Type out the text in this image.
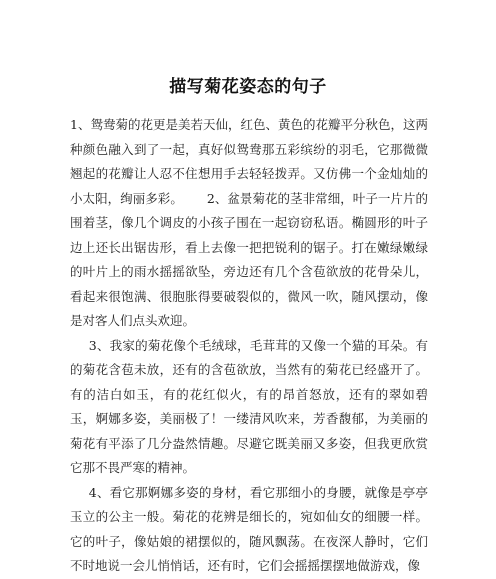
描写菊花姿态的句子

1、鸳鸯菊的花更是美若天仙，红色、黄色的花瓣平分秋色，这两种颜色融入到了一起，真好似鸳鸯那五彩缤纷的羽毛，它那微微翘起的花瓣让人忍不住想用手去轻轻拨弄。又仿佛一个金灿灿的小太阳，绚丽多彩。 2、盆景菊花的茎非常细，叶子一片片的围着茎，像几个调皮的小孩子围在一起窃窃私语。椭圆形的叶子边上还长出锯齿形，看上去像一把把锐利的锯子。打在嫩绿嫩绿的叶片上的雨水摇摇欲坠，旁边还有几个含苞欲放的花骨朵儿，看起来很饱满、很胞胀得要破裂似的，微风一吹，随风摆动，像是对客人们点头欢迎。

3、我家的菊花像个毛绒球，毛茸茸的又像一个猫的耳朵。有的菊花含苞未放，还有的含苞欲放，当然有的菊花已经盛开了。有的洁白如玉，有的花红似火，有的昂首怒放，还有的翠如碧玉，婀娜多姿，美丽极了！一缕清风吹来，芳香馥郁，为美丽的菊花有平添了几分盎然情趣。尽避它既美丽又多姿，但我更欣赏它那不畏严寒的精神。

4、看它那婀娜多姿的身材，看它那细小的身腰，就像是亭亭玉立的公主一般。菊花的花辨是细长的，宛如仙女的细腰一样。它的叶子，像姑娘的裙摆似的，随风飘荡。在夜深人静时，它们不时地说一会儿悄悄话，还有时，它们会摇摇摆摆地做游戏，像
